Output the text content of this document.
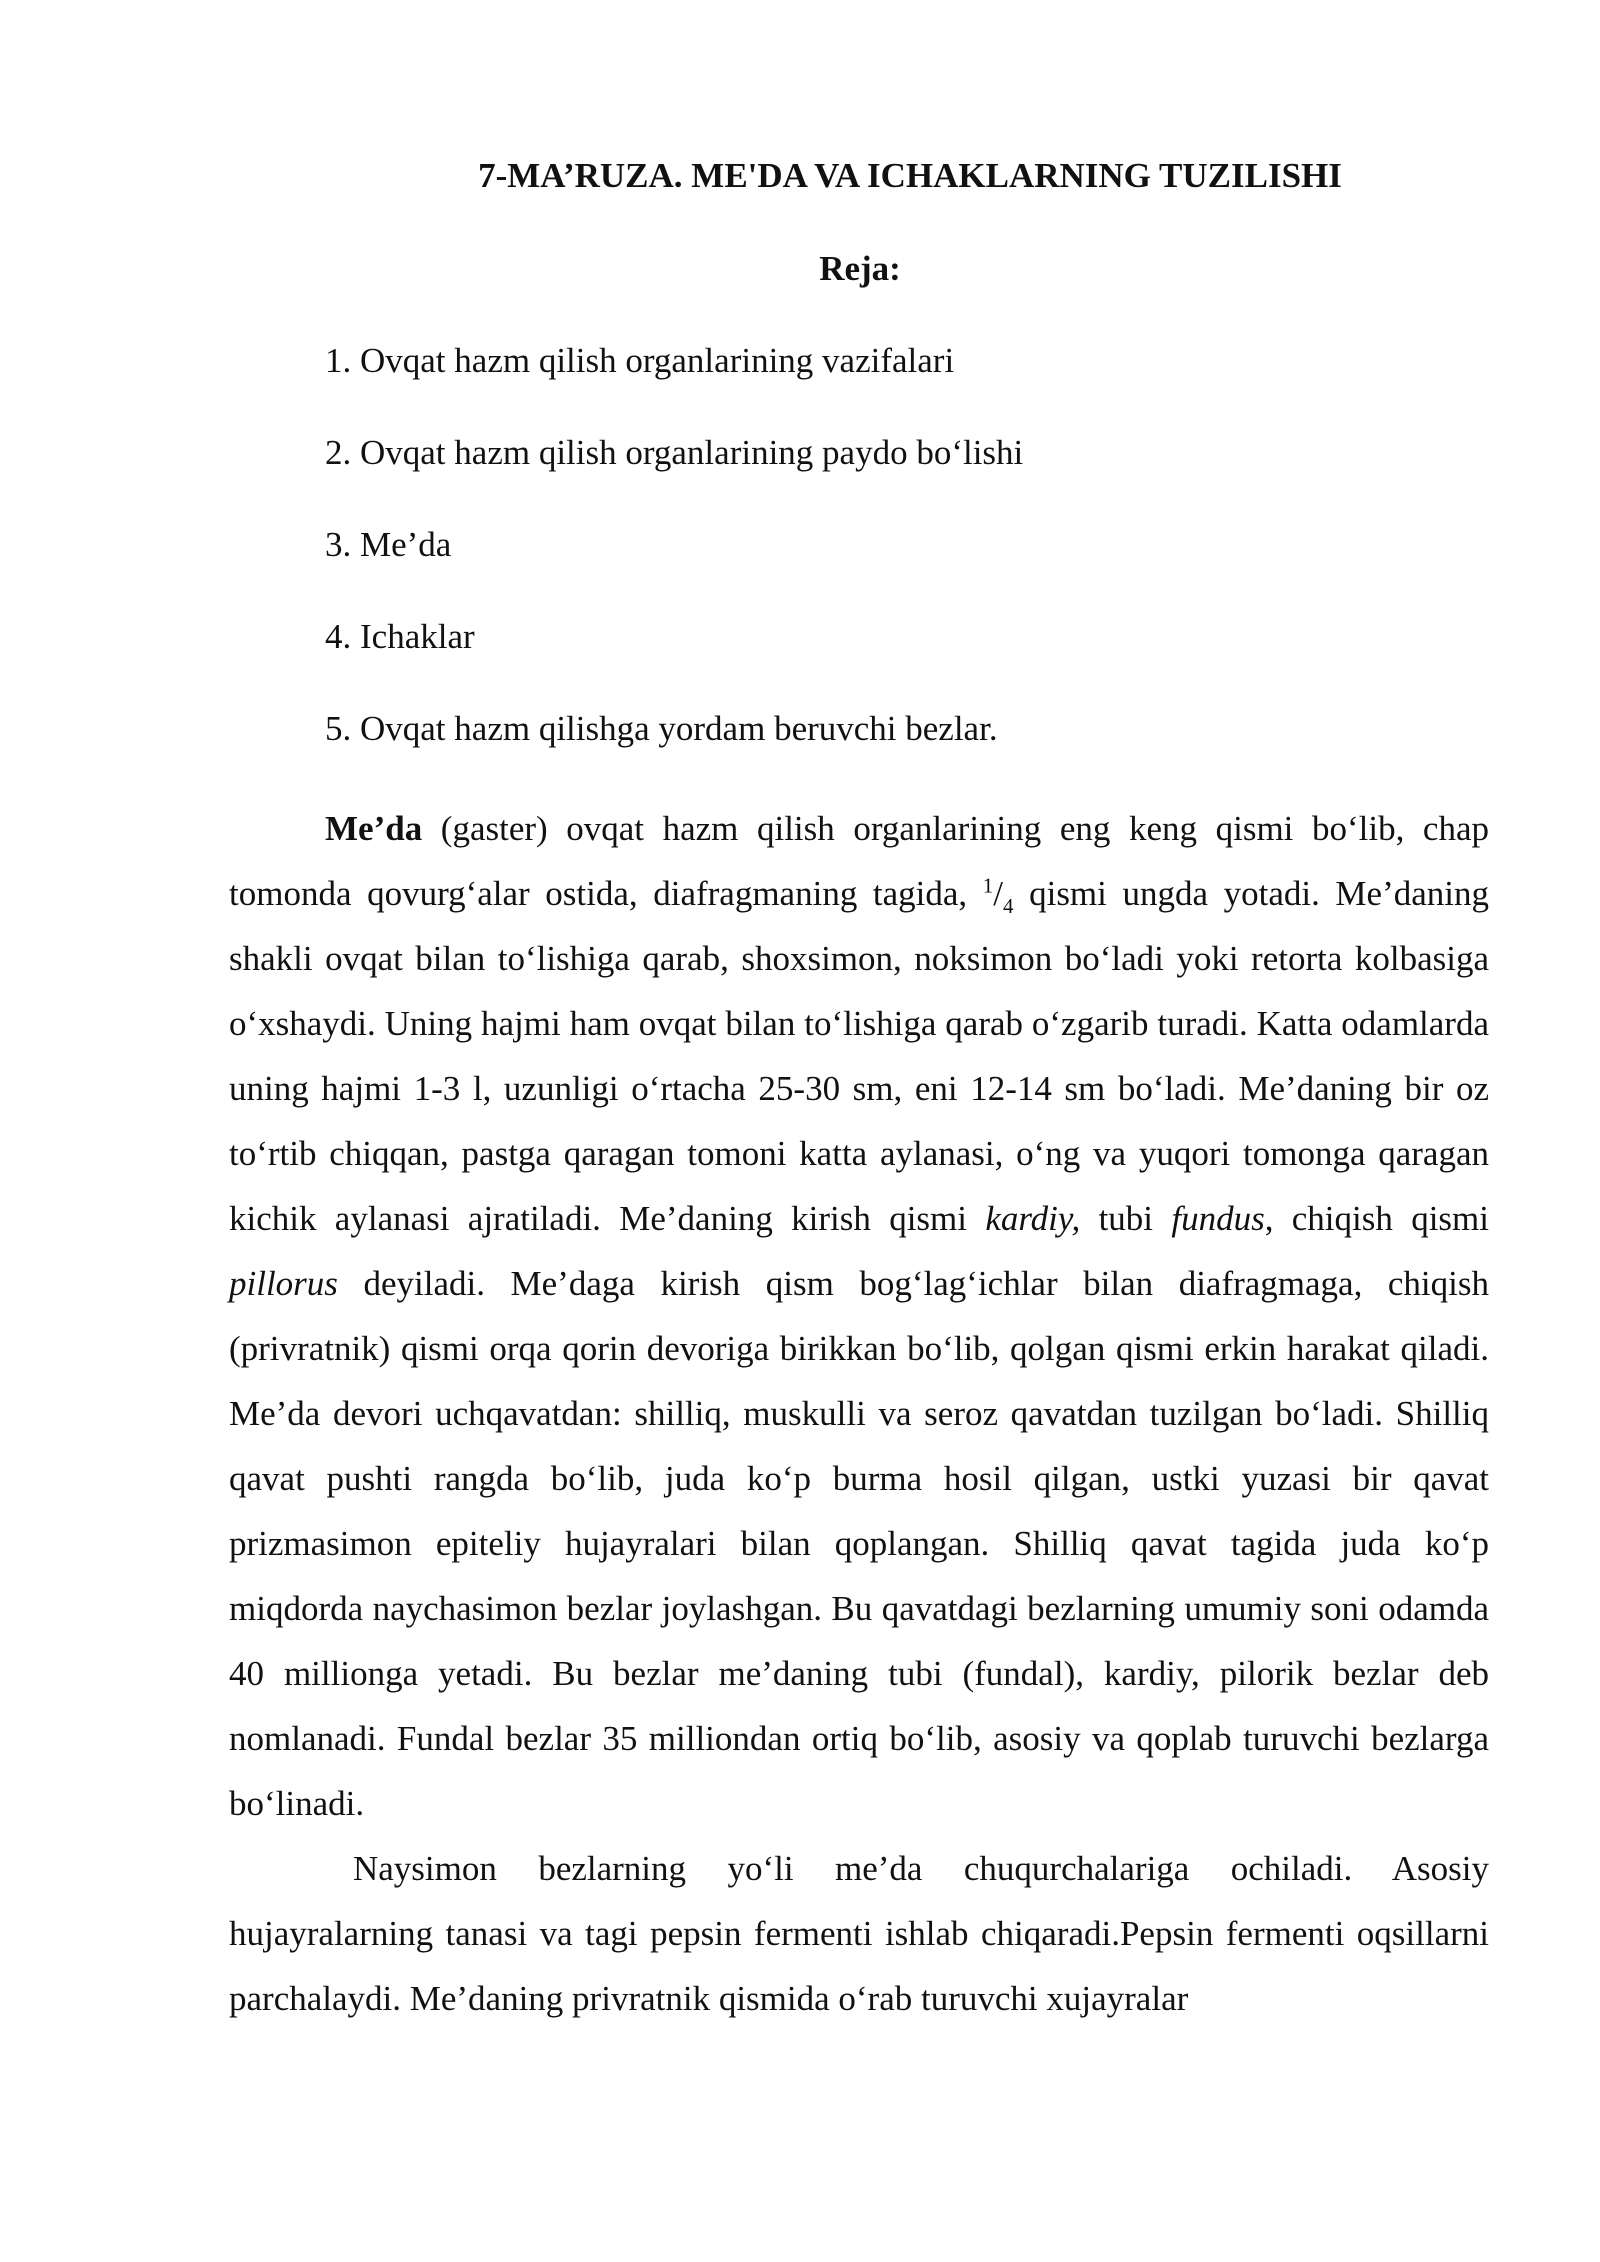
7-MA’RUZA. ME'DA VA ICHAKLARNING TUZILISHI
Reja:
1. Ovqat hazm qilish organlarining vazifalari
2. Ovqat hazm qilish organlarining paydo bo‘lishi
3. Me’da
4. Ichaklar
5. Ovqat hazm qilishga yordam beruvchi bezlar.

Me’da (gaster) ovqat hazm qilish organlarining eng keng qismi bo‘lib, chap tomonda qovurg‘alar ostida, diafragmaning tagida, $^1/_4$ qismi ungda yotadi. Me’daning shakli ovqat bilan to‘lishiga qarab, shoxsimon, noksimon bo‘ladi yoki retorta kolbasiga o‘xshaydi. Uning hajmi ham ovqat bilan to‘lishiga qarab o‘zgarib turadi. Katta odamlarda uning hajmi 1-3 l, uzunligi o‘rtacha 25-30 sm, eni 12-14 sm bo‘ladi. Me’daning bir oz to‘rtib chiqqan, pastga qaragan tomoni katta aylanasi, o‘ng va yuqori tomonga qaragan kichik aylanasi ajratiladi. Me’daning kirish qismi kardiy, tubi fundus, chiqish qismi pillorus deyiladi. Me’daga kirish qism bog‘lag‘ichlar bilan diafragmaga, chiqish (privratnik) qismi orqa qorin devoriga birikkan bo‘lib, qolgan qismi erkin harakat qiladi. Me’da devori uchqavatdan: shilliq, muskulli va seroz qavatdan tuzilgan bo‘ladi. Shilliq qavat pushti rangda bo‘lib, juda ko‘p burma hosil qilgan, ustki yuzasi bir qavat prizmasimon epiteliy hujayralari bilan qoplangan. Shilliq qavat tagida juda ko‘p miqdorda naychasimon bezlar joylashgan. Bu qavatdagi bezlarning umumiy soni odamda 40 millionga yetadi. Bu bezlar me’daning tubi (fundal), kardiy, pilorik bezlar deb nomlanadi. Fundal bezlar 35 milliondan ortiq bo‘lib, asosiy va qoplab turuvchi bezlarga bo‘linadi.

Naysimon bezlarning yo‘li me’da chuqurchalariga ochiladi. Asosiy hujayralarning tanasi va tagi pepsin fermenti ishlab chiqaradi.Pepsin fermenti oqsillarni parchalaydi. Me’daning privratnik qismida o‘rab turuvchi xujayralar
